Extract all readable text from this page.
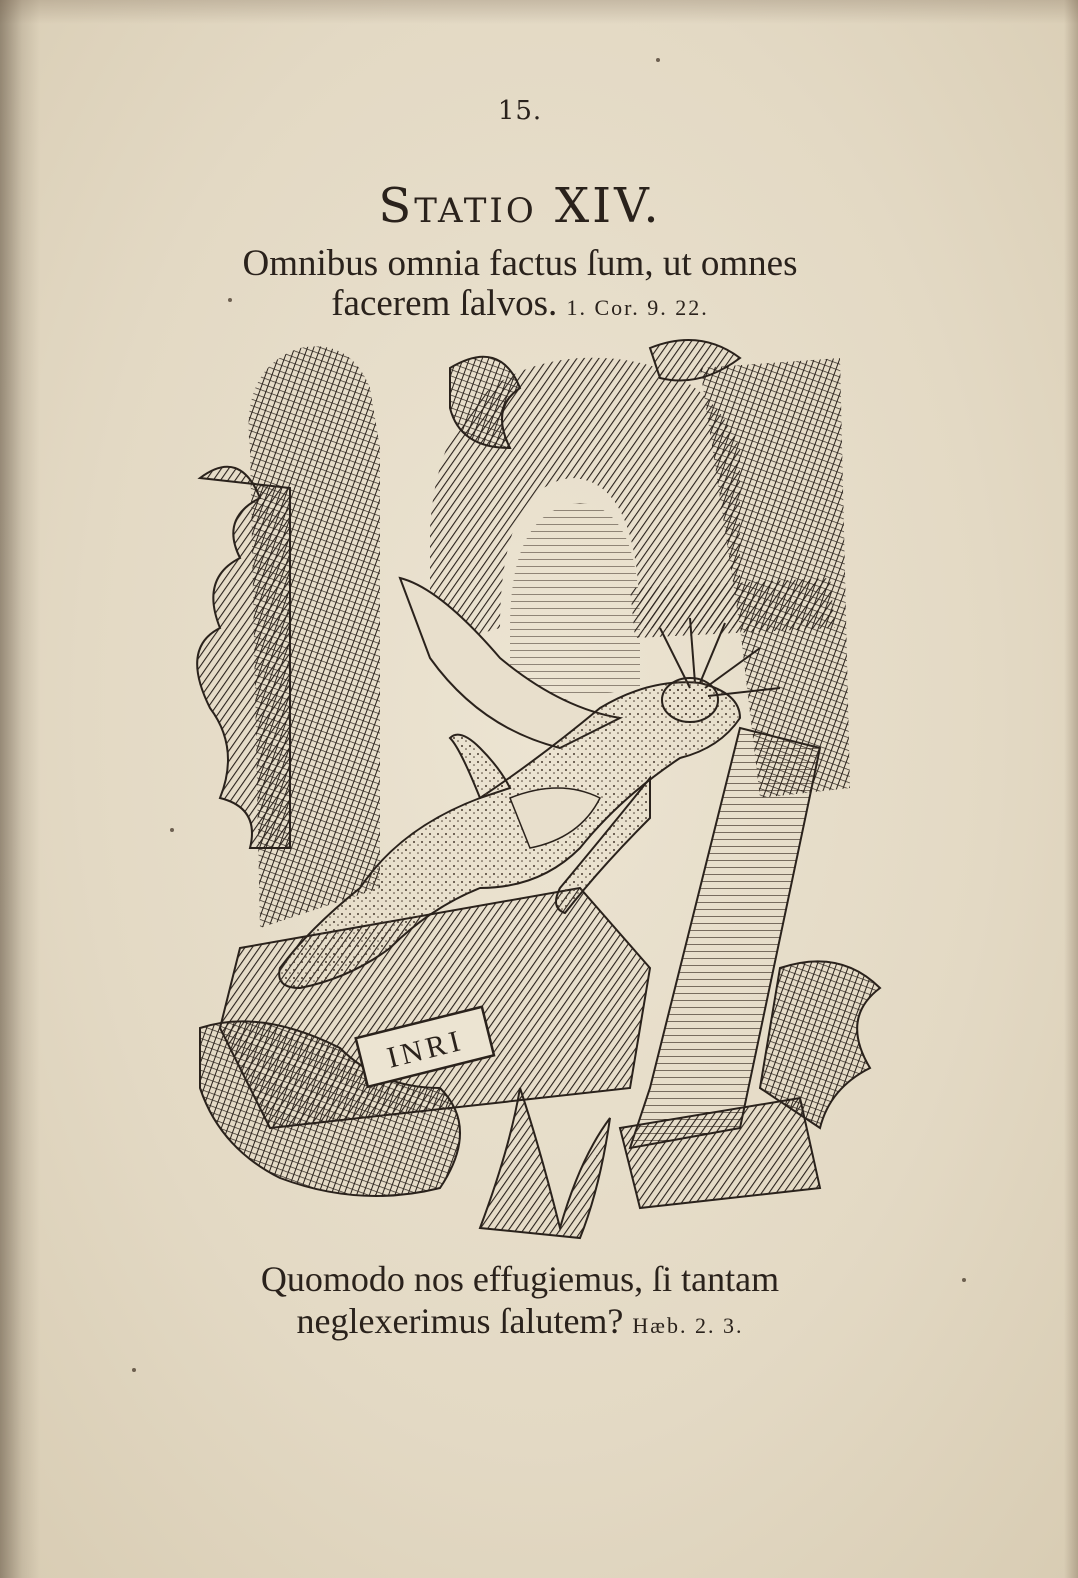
15.
Statio XIV.
Omnibus omnia factus ſum, ut omnes
facerem ſalvos. 1. Cor. 9. 22.
INRI
Quomodo nos effugiemus, ſi tantam
neglexerimus ſalutem? Hæb. 2. 3.
